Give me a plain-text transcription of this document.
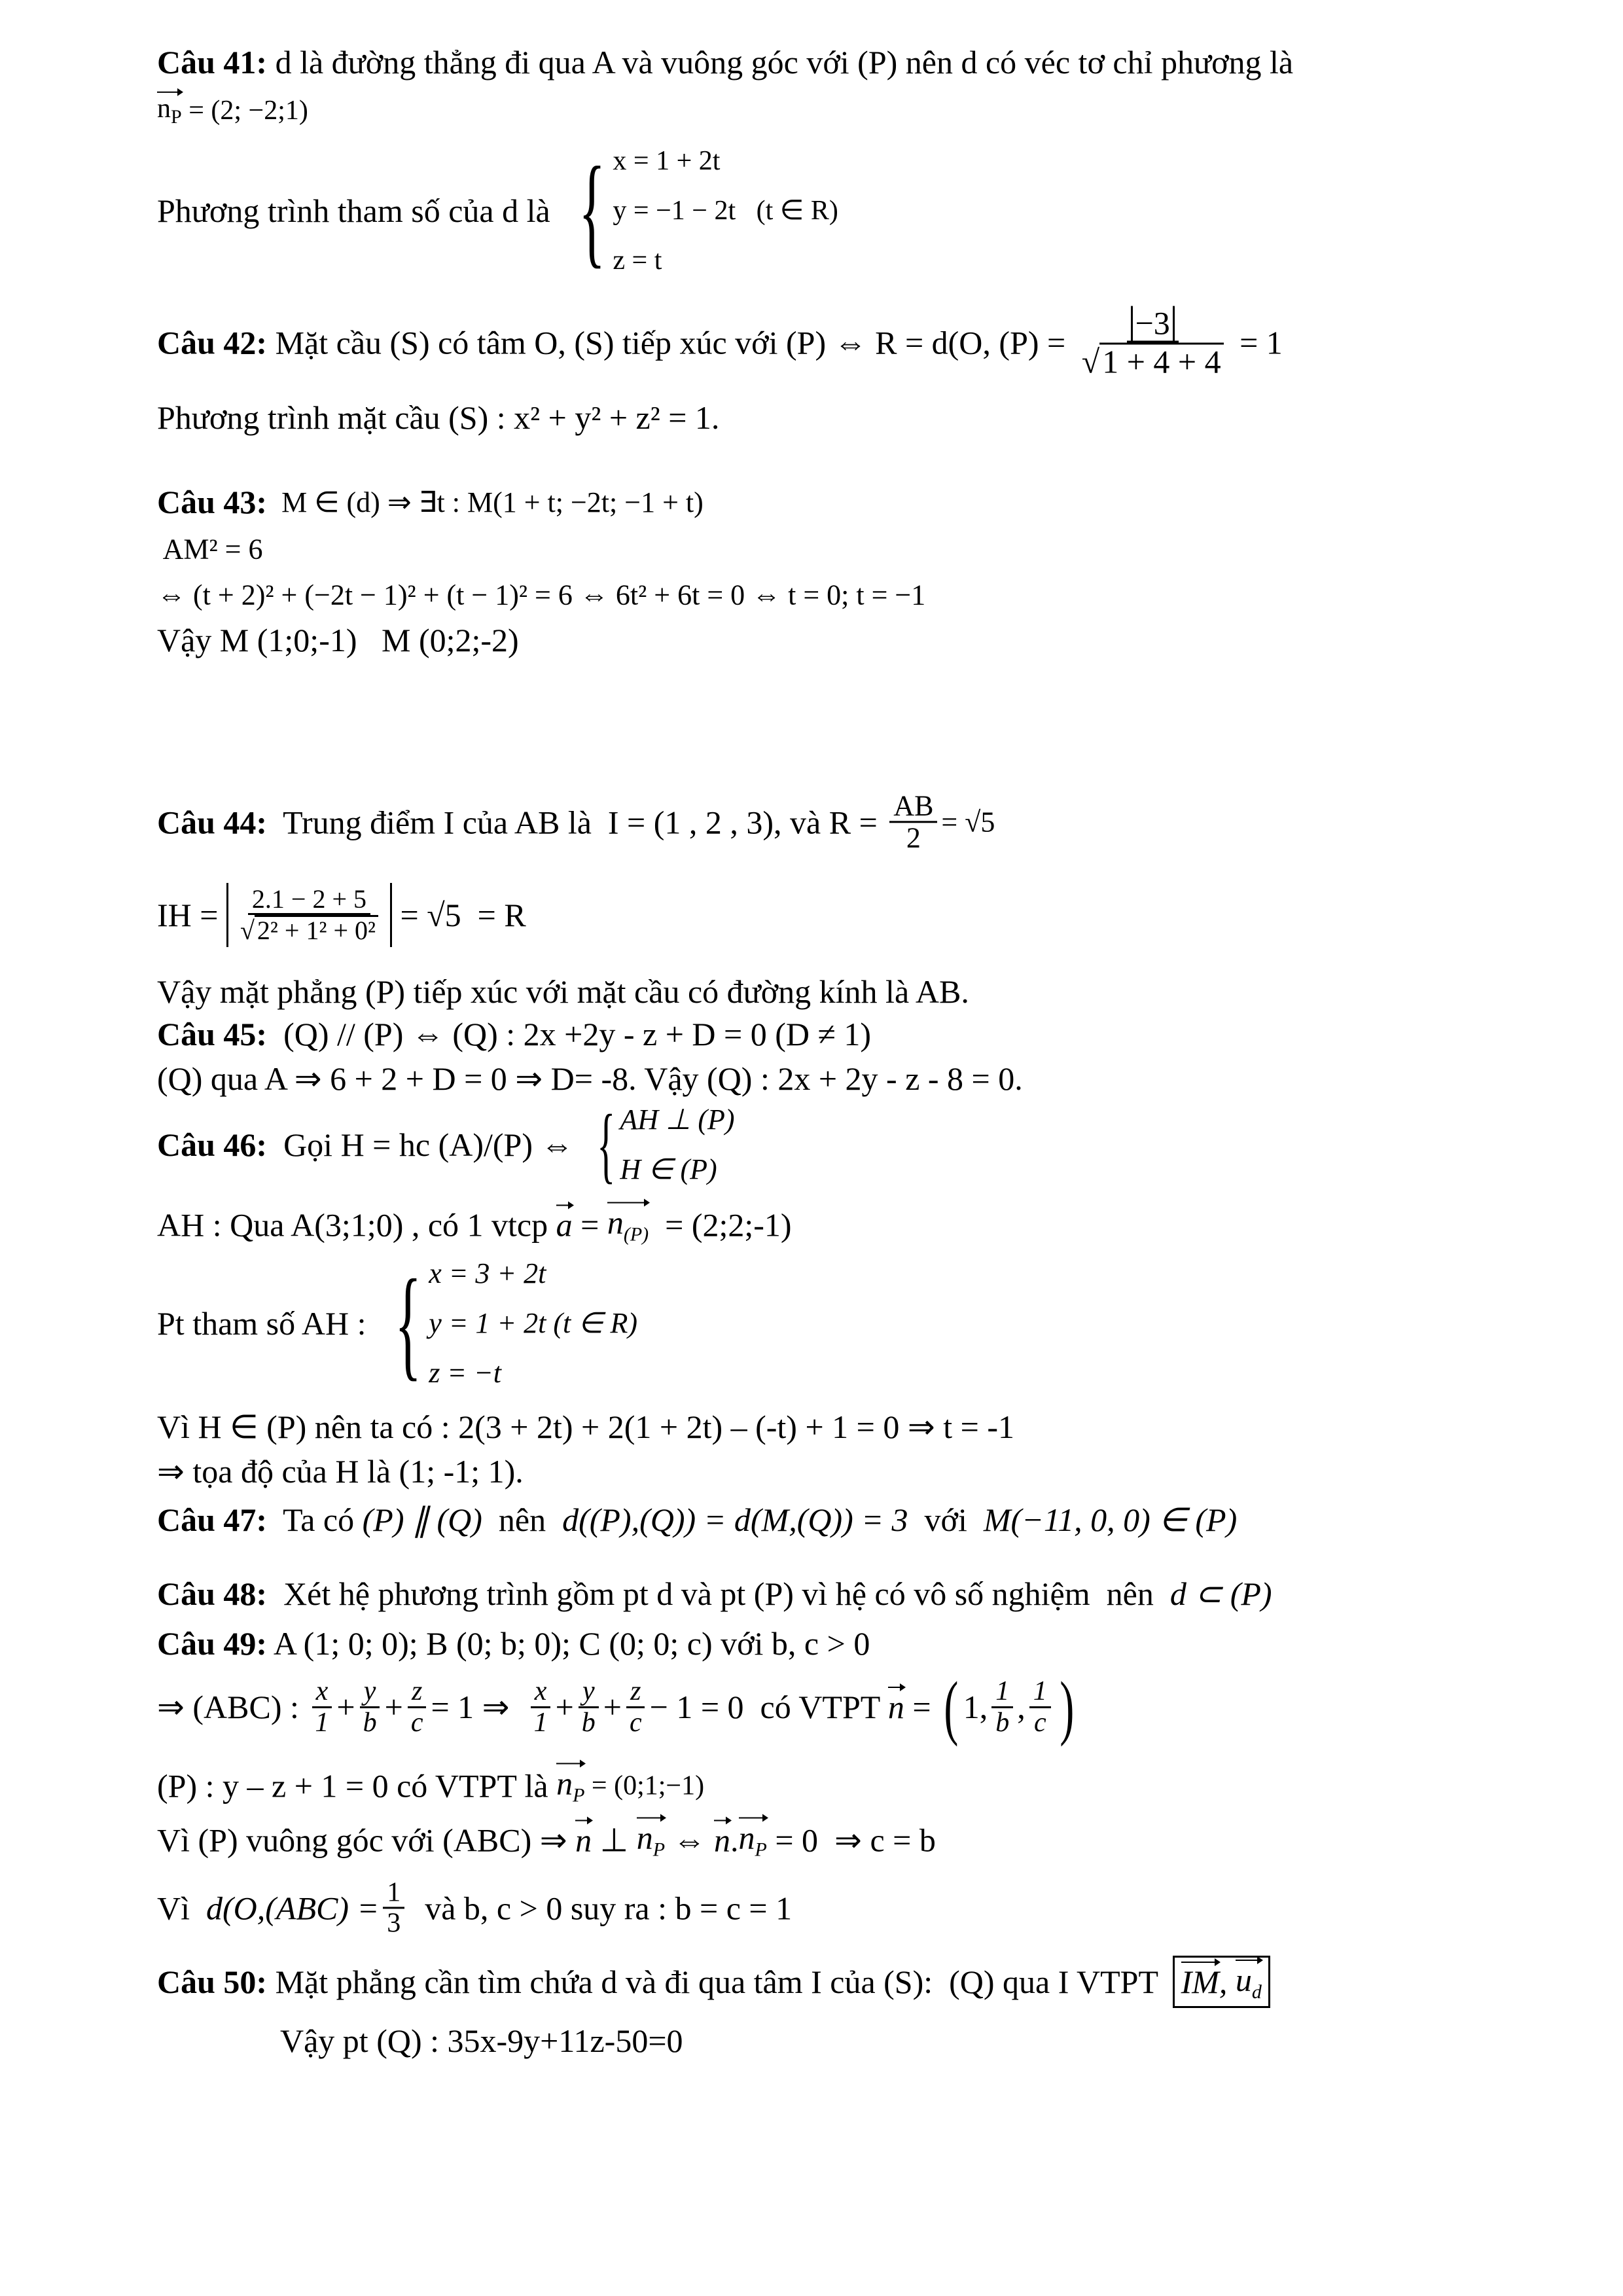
Câu 41: d là đường thẳng đi qua A và vuông góc với (P) nên d có véc tơ chỉ phương là
$n_P = (2$; −2;1)
Phương trình tham số của d là { x = 1 + 2t
y = −1 − 2t   (t ∈ R)
z = t
Câu 42: Mặt cầu (S) có tâm O, (S) tiếp xúc với (P) ⇔ R = d(O, $(P) = \frac{-3}{√ 1 + 4 + 4} = 1$
Phương trình mặt cầu (S) : x² + y² + z² = 1.
Câu 43: M ∈ (d) ⇒ ∃t : M(1 + t; −2t; −1 + t)
AM² = 6
⇔ (t + 2)² + (−2t − 1)² + (t − 1)² = 6 ⇔ 6t² + 6t = 0 ⇔ t = 0; t = −1
Vậy M (1;0;-1)   M (0;2;-2)
Câu 44: Trung điểm I của AB là  I = (1 , 2 , 3), và $R = \frac{AB}{2} = √5$
IH = $\frac{2.1 - 2 + 5}{\text{√ 2² + 1² + 0²}} = √5 = R$
Vậy mặt phẳng (P) tiếp xúc với mặt cầu có đường kính là AB.
Câu 45: (Q) // (P) ⇔ (Q) : 2x +2y - z + D = 0 (D ≠ 1)
(Q) qua A ⇒ 6 + 2 + D = 0 ⇒ D= -8. Vậy (Q) : 2x + 2y - z - 8 = 0.
Câu 46: Gọi H = hc (A)/(P) ⇔ { AH ⊥ (P)
H ∈ (P)
AH : Qua A(3;1;0) , có 1 vtcp $a = n_{(P)}$ = (2;2;-1)
Pt tham số AH : { x = 3 + 2t
y = 1 + 2t (t ∈ R)
z = −t
Vì H ∈ (P) nên ta có : 2(3 + 2t) + 2(1 + 2t) – (-t) + 1 = 0 ⇒ t = -1
⇒ tọa độ của H là (1; -1; 1).
Câu 47: Ta có (P) ∥ (Q) nên d((P),(Q)) = d(M,(Q)) = 3 với M(−11, 0, 0) ∈ (P)
Câu 48: Xét hệ phương trình gồm pt d và pt (P) vì hệ có vô số nghiệm  nên d ⊂ (P)
Câu 49: A (1; 0; 0); B (0; b; 0); C (0; 0; c) với b, c > 0
⇒ (ABC) : $\frac{x}{1} + \frac{y}{b} + \frac{z}{c} = 1$ ⇒ $\frac{x}{1} + \frac{y}{b} + \frac{z}{c} - 1 = 0$  có VTPT n = ( 1, $\frac{1}{b}$ , $\frac{1}{c}$ )
(P) : y – z + 1 = 0 có VTPT là $n_P$ = (0;1;−1)
Vì (P) vuông góc với (ABC) ⇒ n ⊥ $n_P$ ⇔ n . $n_P = 0$  ⇒ c = b
Vì $d(O,(ABC) = \frac{1}{3}$ và b, c > 0 suy ra : b = c = 1
Câu 50: Mặt phẳng cần tìm chứa d và đi qua tâm I của (S):  (Q) qua I VTPT IM , $u_d$
Vậy pt (Q) : 35x-9y+11z-50=0
